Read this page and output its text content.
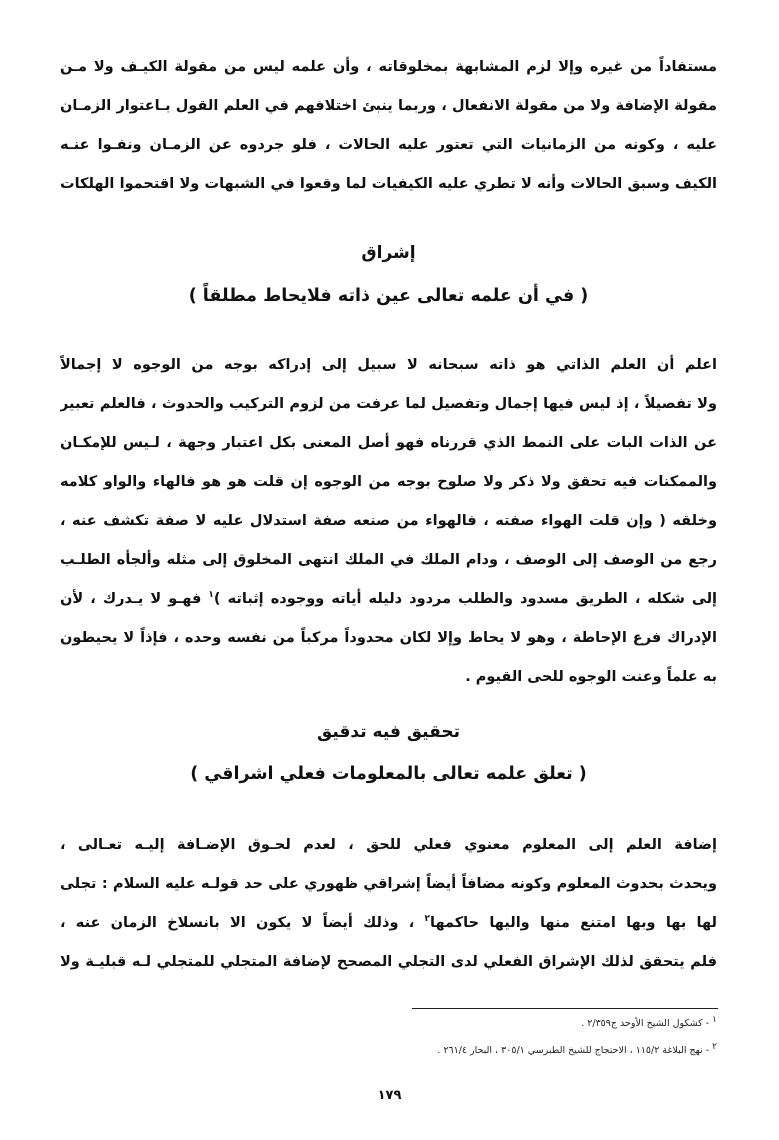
مستفاداً من غيره وإلا لزم المشابهة بمخلوقاته ، وأن علمه ليس من مقولة الكيـف ولا مـن
مقولة الإضافة ولا من مقولة الانفعال ، وربما ينبئ اختلافهم في العلم القول بـاعتوار الزمـان
عليه ، وكونه من الزمانيات التي تعتور عليه الحالات ، فلو جردوه عن الزمـان ونفـوا عنـه
الكيف وسبق الحالات وأنه لا تطري عليه الكيفيات لما وقعوا في الشبهات ولا اقتحموا الهلكات
إشراق
( في أن علمه تعالى عين ذاته فلايحاط مطلقاً )
اعلم أن العلم الذاتي هو ذاته سبحانه لا سبيل إلى إدراكه بوجه من الوجوه لا إجمالاً
ولا تفصيلاً ، إذ ليس فيها إجمال وتفصيل لما عرفت من لزوم التركيب والحدوث ، فالعلم تعبير
عن الذات البات على النمط الذي قررناه فهو أصل المعنى بكل اعتبار وجهة ، لـيس للإمكـان
والممكنات فيه تحقق ولا ذكر ولا صلوح بوجه من الوجوه إن قلت هو هو فالهاء والواو كلامه
وخلقه ( وإن قلت الهواء صفته ، فالهواء من صنعه صفة استدلال عليه لا صفة تكشف عنه ،
رجع من الوصف إلى الوصف ، ودام الملك في الملك انتهى المخلوق إلى مثله وألجأه الطلـب
إلى شكله ، الطريق مسدود والطلب مردود دليله أياته ووجوده إثباته )$^١$ فهـو لا يـدرك ، لأن
الإدراك فرع الإحاطة ، وهو لا يحاط وإلا لكان محدوداً مركباً من نفسه وحده ، فإذاً لا يحيطون
به علماً وعنت الوجوه للحى القيوم .
تحقيق فيه تدقيق
( تعلق علمه تعالى بالمعلومات فعلي اشراقي )
إضافة العلم إلى المعلوم معنوي فعلي للحق ، لعدم لحـوق الإضـافة إليـه تعـالى ،
ويحدث بحدوث المعلوم وكونه مضافاً أيضاً إشراقي ظهوري على حد قولـه عليه السلام : تجلى
لها بها وبها امتنع منها واليها حاكمها$^٢$ ، وذلك أيضاً لا يكون الا بانسلاخ الزمان عنه ،
فلم يتحقق لذلك الإشراق الفعلي لدى التجلي المصحح لإضافة المتجلي للمتجلي لـه قبليـة ولا
$^١$ - كشكول الشيخ الأوحد ج٢/٣٥٩ .
$^٢$ - نهج البلاغة ١١٥/٢ ، الاحتجاج للشيخ الطبرسي ٣٠٥/١ ، البحار ٢٦١/٤ .
١٧٩
